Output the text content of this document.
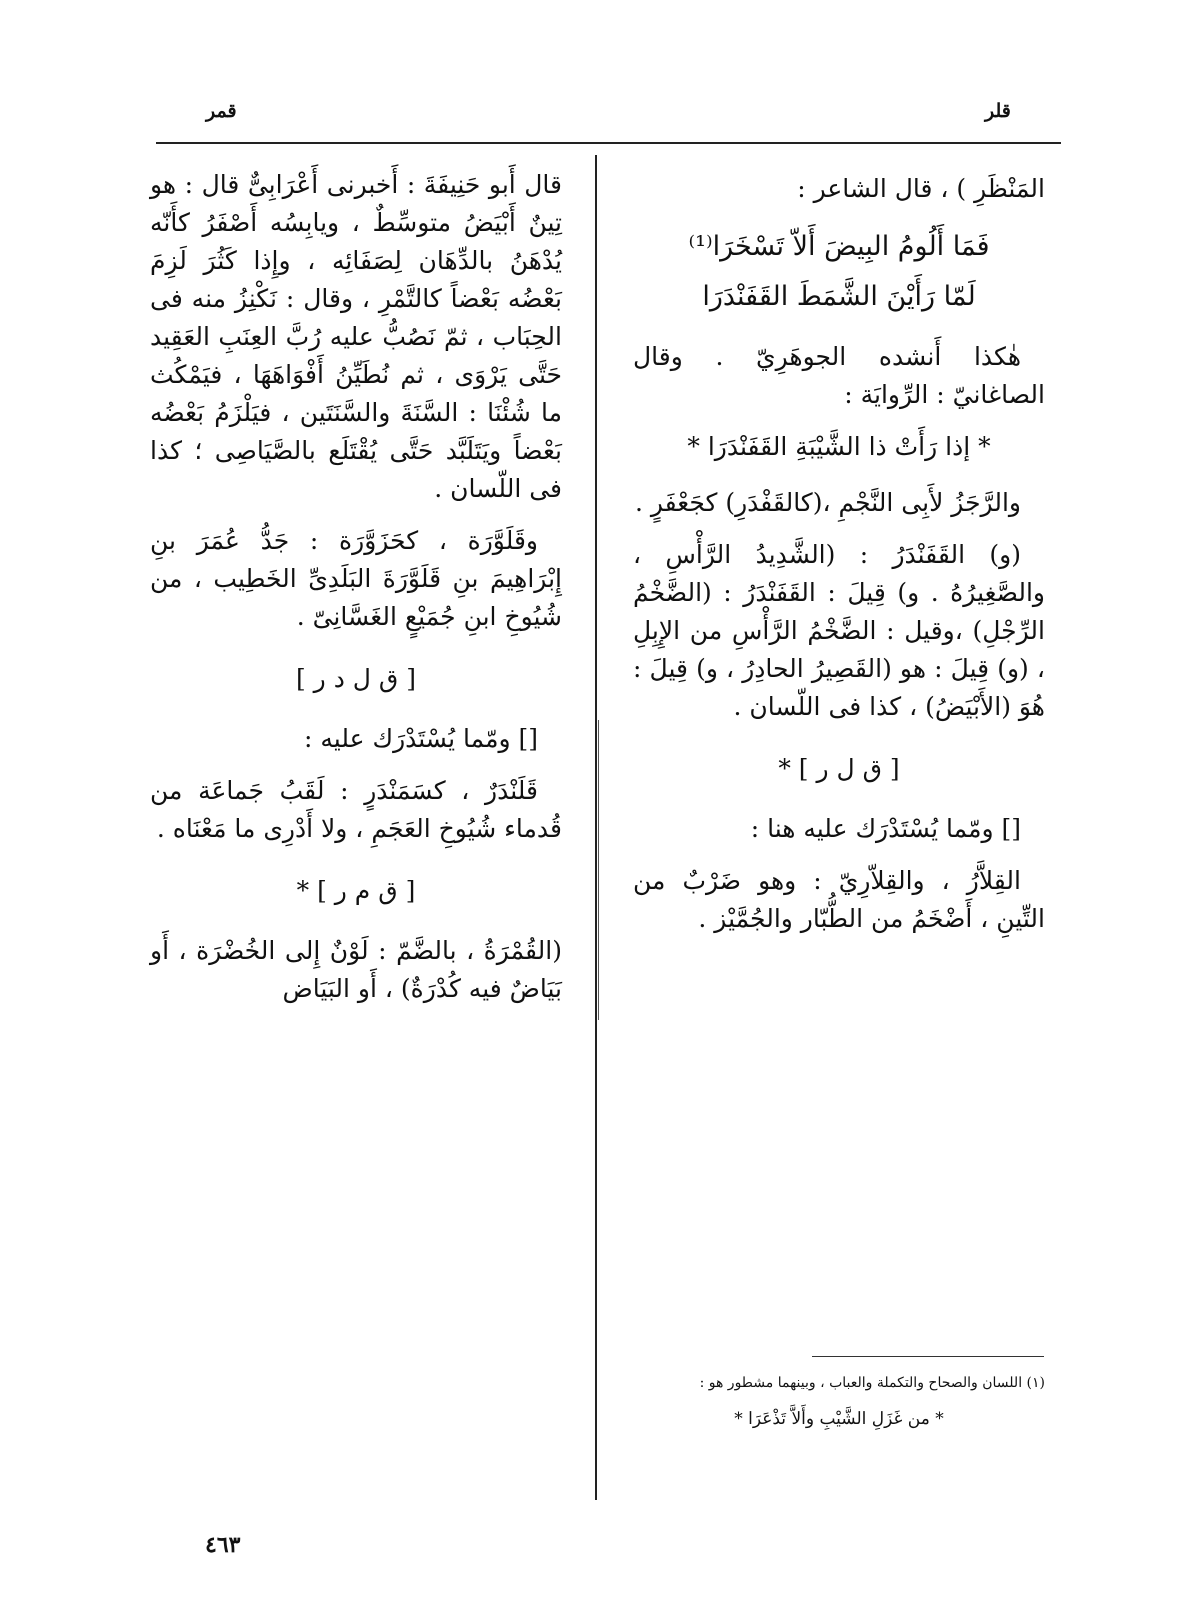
قلر
قمر

المَنْظَرِ ) ، قال الشاعر :

فَمَا أَلُومُ البِيضَ أَلاّ تَسْخَرَا⁽¹⁾
لَمّا رَأَيْنَ الشَّمَطَ القَفَنْدَرَا

هٰكذا أَنشده الجوهَرِيّ . وقال الصاغانيّ : الرِّوايَة :

* إذا رَأَتْ ذا الشَّيْبَةِ القَفَنْدَرَا *

والرَّجَزُ لأَبِى النَّجْمِ ،(كالقَفْدَرِ) كجَعْفَرٍ .

(و) القَفَنْدَرُ : (الشَّدِيدُ الرَّأْسِ ، والصَّغِيرُهُ . و) قِيلَ : القَفَنْدَرُ : (الضَّخْمُ الرِّجْلِ) ،وقيل : الضَّخْمُ الرَّأْسِ من الإِبِلِ ، (و) قِيلَ : هو (القَصِيرُ الحادِرُ ، و) قِيلَ : هُوَ (الأَبْيَضُ) ، كذا فى اللّسان .

[ ق ل ر ] *

[] ومّما يُسْتَدْرَك عليه هنا :

القِلاَّرُ ، والقِلاّرِيّ : وهو ضَرْبٌ من التِّينِ ، أَضْخَمُ من الطُّبّار والجُمَّيْز .

(١) اللسان والصحاح والتكملة والعباب ، وبينهما مشطور هو :
* من غَزَلِ الشَّيْبِ وأَلاَّ تَذْعَرَا *

قال أَبو حَنِيفَةَ : أَخبرنى أَعْرَابِىٌّ قال : هو تِينٌ أَبْيَضُ متوسِّطٌ ، ويابِسُه أَصْفَرُ كأَنّه يُدْهَنُ بالدِّهَان لِصَفَائِه ، وإِذا كَثُرَ لَزِمَ بَعْضُه بَعْضاً كالتَّمْرِ ، وقال : نَكْنِزُ منه فى الحِبَاب ، ثمّ نَصُبُّ عليه رُبَّ العِنَبِ العَقِيد حَتَّى يَرْوَى ، ثم نُطَيِّنُ أَفْوَاهَهَا ، فيَمْكُث ما شُئْنَا : السَّنَةَ والسَّنَتَين ، فيَلْزَمُ بَعْضُه بَعْضاً ويَتَلَبَّد حَتَّى يُقْتَلَع بالصَّيَاصِى ؛ كذا فى اللّسان .

وقَلَوَّرَة ، كحَزَوَّرَة : جَدُّ عُمَرَ بنِ إِبْرَاهِيمَ بنِ قَلَوَّرَةَ البَلَدِىِّ الخَطِيب ، من شُيُوخِ ابنِ جُمَيْعٍ الغَسَّانِىّ .

[ ق ل د ر ]

[] ومّما يُسْتَدْرَك عليه :

قَلَنْدَرٌ ، كسَمَنْدَرٍ : لَقَبُ جَماعَة من قُدماء شُيُوخِ العَجَمِ ، ولا أَدْرِى ما مَعْنَاه .

[ ق م ر ] *

(القُمْرَةُ ، بالضَّمّ : لَوْنٌ إِلى الخُضْرَة ، أَو بَيَاضٌ فيه كُدْرَةٌ) ، أَو البَيَاض

٤٦٣
